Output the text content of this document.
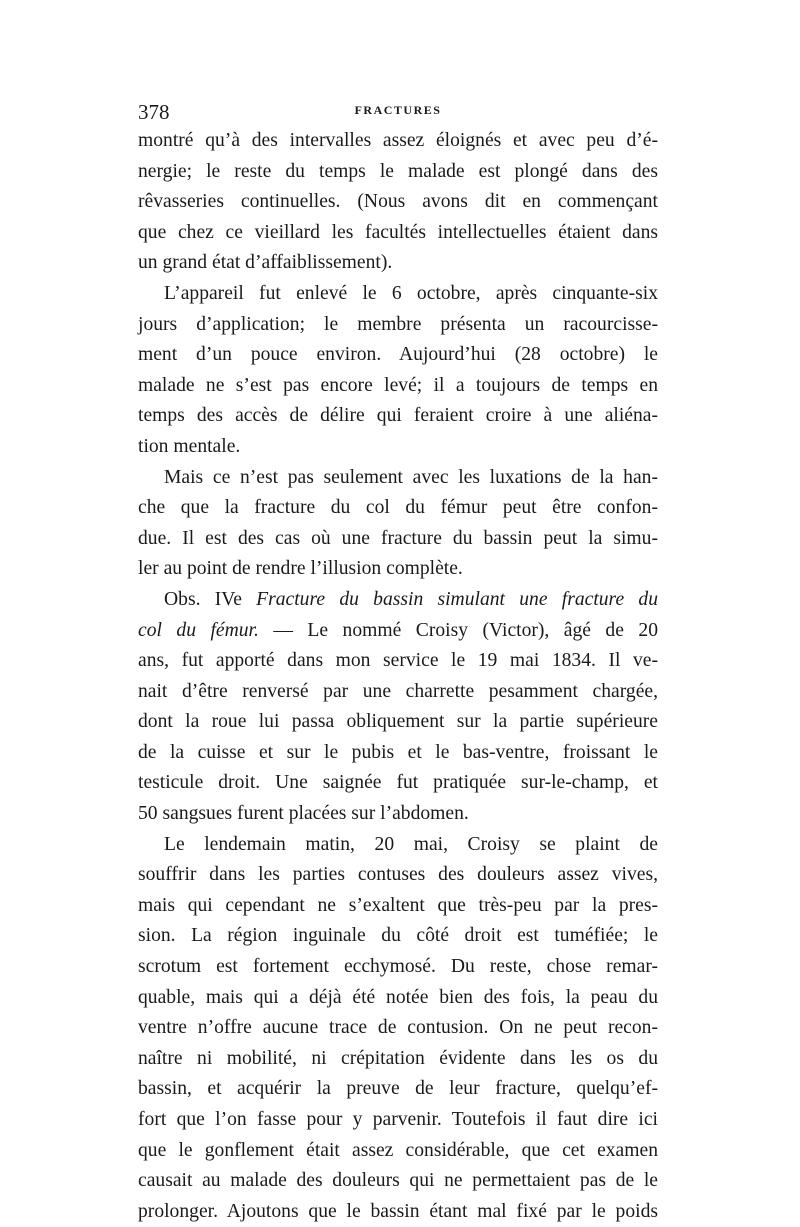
378	FRACTURES
montré qu’à des intervalles assez éloignés et avec peu d’é-
nergie; le reste du temps le malade est plongé dans des
rêvasseries continuelles. (Nous avons dit en commençant
que chez ce vieillard les facultés intellectuelles étaient dans
un grand état d’affaiblissement).
L’appareil fut enlevé le 6 octobre, après cinquante-six
jours d’application; le membre présenta un racourcisse-
ment d’un pouce environ. Aujourd’hui (28 octobre) le
malade ne s’est pas encore levé; il a toujours de temps en
temps des accès de délire qui feraient croire à une aliéna-
tion mentale.
Mais ce n’est pas seulement avec les luxations de la han-
che que la fracture du col du fémur peut être confon-
due. Il est des cas où une fracture du bassin peut la simu-
ler au point de rendre l’illusion complète.
Obs. IVe Fracture du bassin simulant une fracture du
col du fémur. — Le nommé Croisy (Victor), âgé de 20
ans, fut apporté dans mon service le 19 mai 1834. Il ve-
nait d’être renversé par une charrette pesamment chargée,
dont la roue lui passa obliquement sur la partie supérieure
de la cuisse et sur le pubis et le bas-ventre, froissant le
testicule droit. Une saignée fut pratiquée sur-le-champ, et
50 sangsues furent placées sur l’abdomen.
Le lendemain matin, 20 mai, Croisy se plaint de
souffrir dans les parties contuses des douleurs assez vives,
mais qui cependant ne s’exaltent que très-peu par la pres-
sion. La région inguinale du côté droit est tuméfiée; le
scrotum est fortement ecchymosé. Du reste, chose remar-
quable, mais qui a déjà été notée bien des fois, la peau du
ventre n’offre aucune trace de contusion. On ne peut recon-
naître ni mobilité, ni crépitation évidente dans les os du
bassin, et acquérir la preuve de leur fracture, quelqu’ef-
fort que l’on fasse pour y parvenir. Toutefois il faut dire ici
que le gonflement était assez considérable, que cet examen
causait au malade des douleurs qui ne permettaient pas de le
prolonger. Ajoutons que le bassin étant mal fixé par le poids
